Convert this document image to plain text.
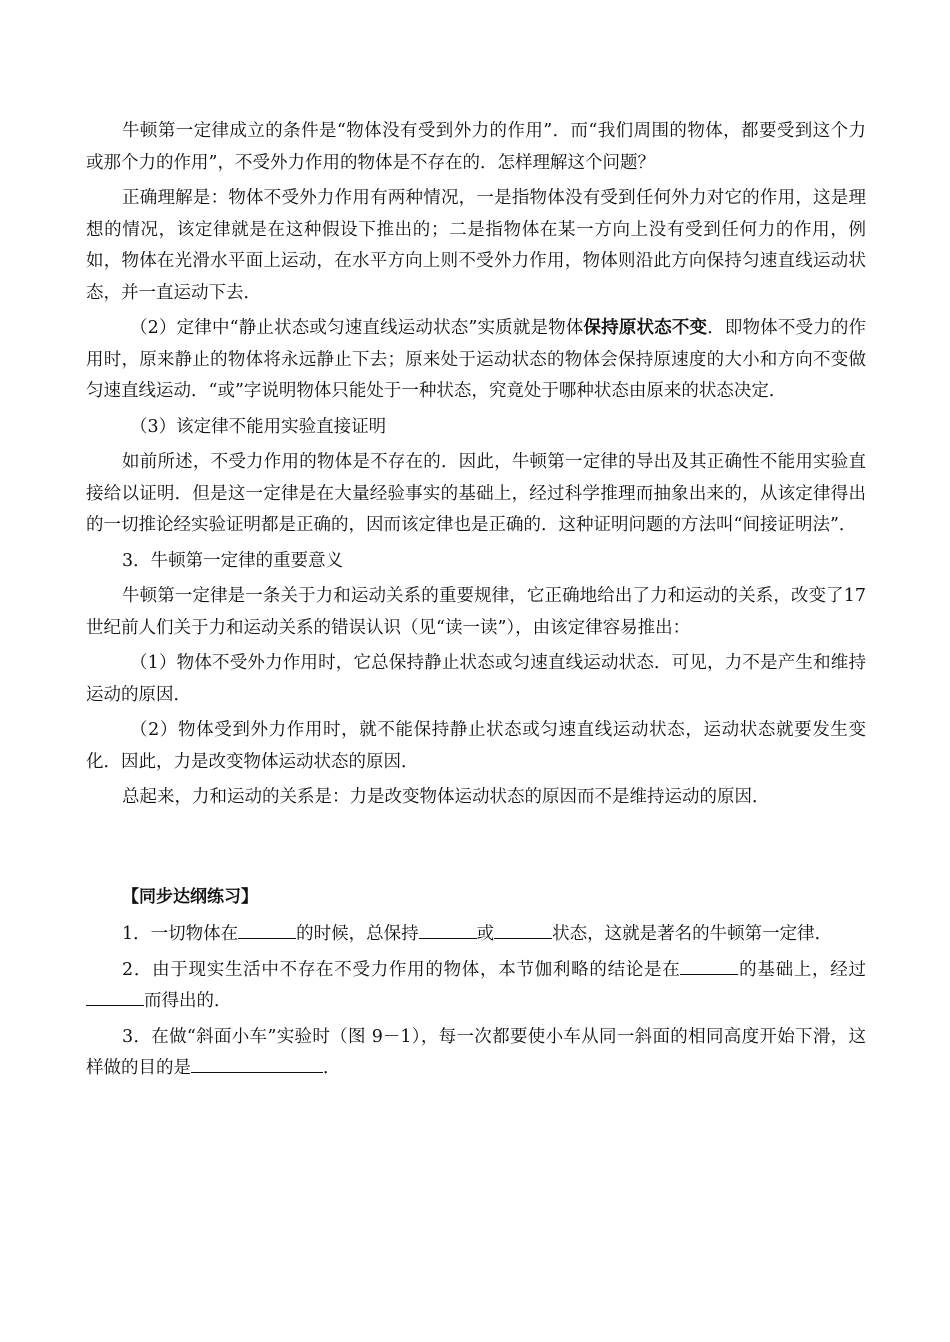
牛顿第一定律成立的条件是“物体没有受到外力的作用”．而“我们周围的物体，都要受到这个力或那个力的作用”，不受外力作用的物体是不存在的．怎样理解这个问题？

正确理解是：物体不受外力作用有两种情况，一是指物体没有受到任何外力对它的作用，这是理想的情况，该定律就是在这种假设下推出的；二是指物体在某一方向上没有受到任何力的作用，例如，物体在光滑水平面上运动，在水平方向上则不受外力作用，物体则沿此方向保持匀速直线运动状态，并一直运动下去．

（2）定律中“静止状态或匀速直线运动状态”实质就是物体保持原状态不变．即物体不受力的作用时，原来静止的物体将永远静止下去；原来处于运动状态的物体会保持原速度的大小和方向不变做匀速直线运动．“或”字说明物体只能处于一种状态，究竟处于哪种状态由原来的状态决定．

（3）该定律不能用实验直接证明

如前所述，不受力作用的物体是不存在的．因此，牛顿第一定律的导出及其正确性不能用实验直接给以证明．但是这一定律是在大量经验事实的基础上，经过科学推理而抽象出来的，从该定律得出的一切推论经实验证明都是正确的，因而该定律也是正确的．这种证明问题的方法叫“间接证明法”．

3．牛顿第一定律的重要意义

牛顿第一定律是一条关于力和运动关系的重要规律，它正确地给出了力和运动的关系，改变了17世纪前人们关于力和运动关系的错误认识（见“读一读”），由该定律容易推出：

（1）物体不受外力作用时，它总保持静止状态或匀速直线运动状态．可见，力不是产生和维持运动的原因．

（2）物体受到外力作用时，就不能保持静止状态或匀速直线运动状态，运动状态就要发生变化．因此，力是改变物体运动状态的原因．

总起来，力和运动的关系是：力是改变物体运动状态的原因而不是维持运动的原因．

【同步达纲练习】

1．一切物体在	的时候，总保持	或	状态，这就是著名的牛顿第一定律．

2．由于现实生活中不存在不受力作用的物体，本节伽利略的结论是在	的基础上，经过而得出的．

3．在做“斜面小车”实验时（图 9－1），每一次都要使小车从同一斜面的相同高度开始下滑，这样做的目的是	．
